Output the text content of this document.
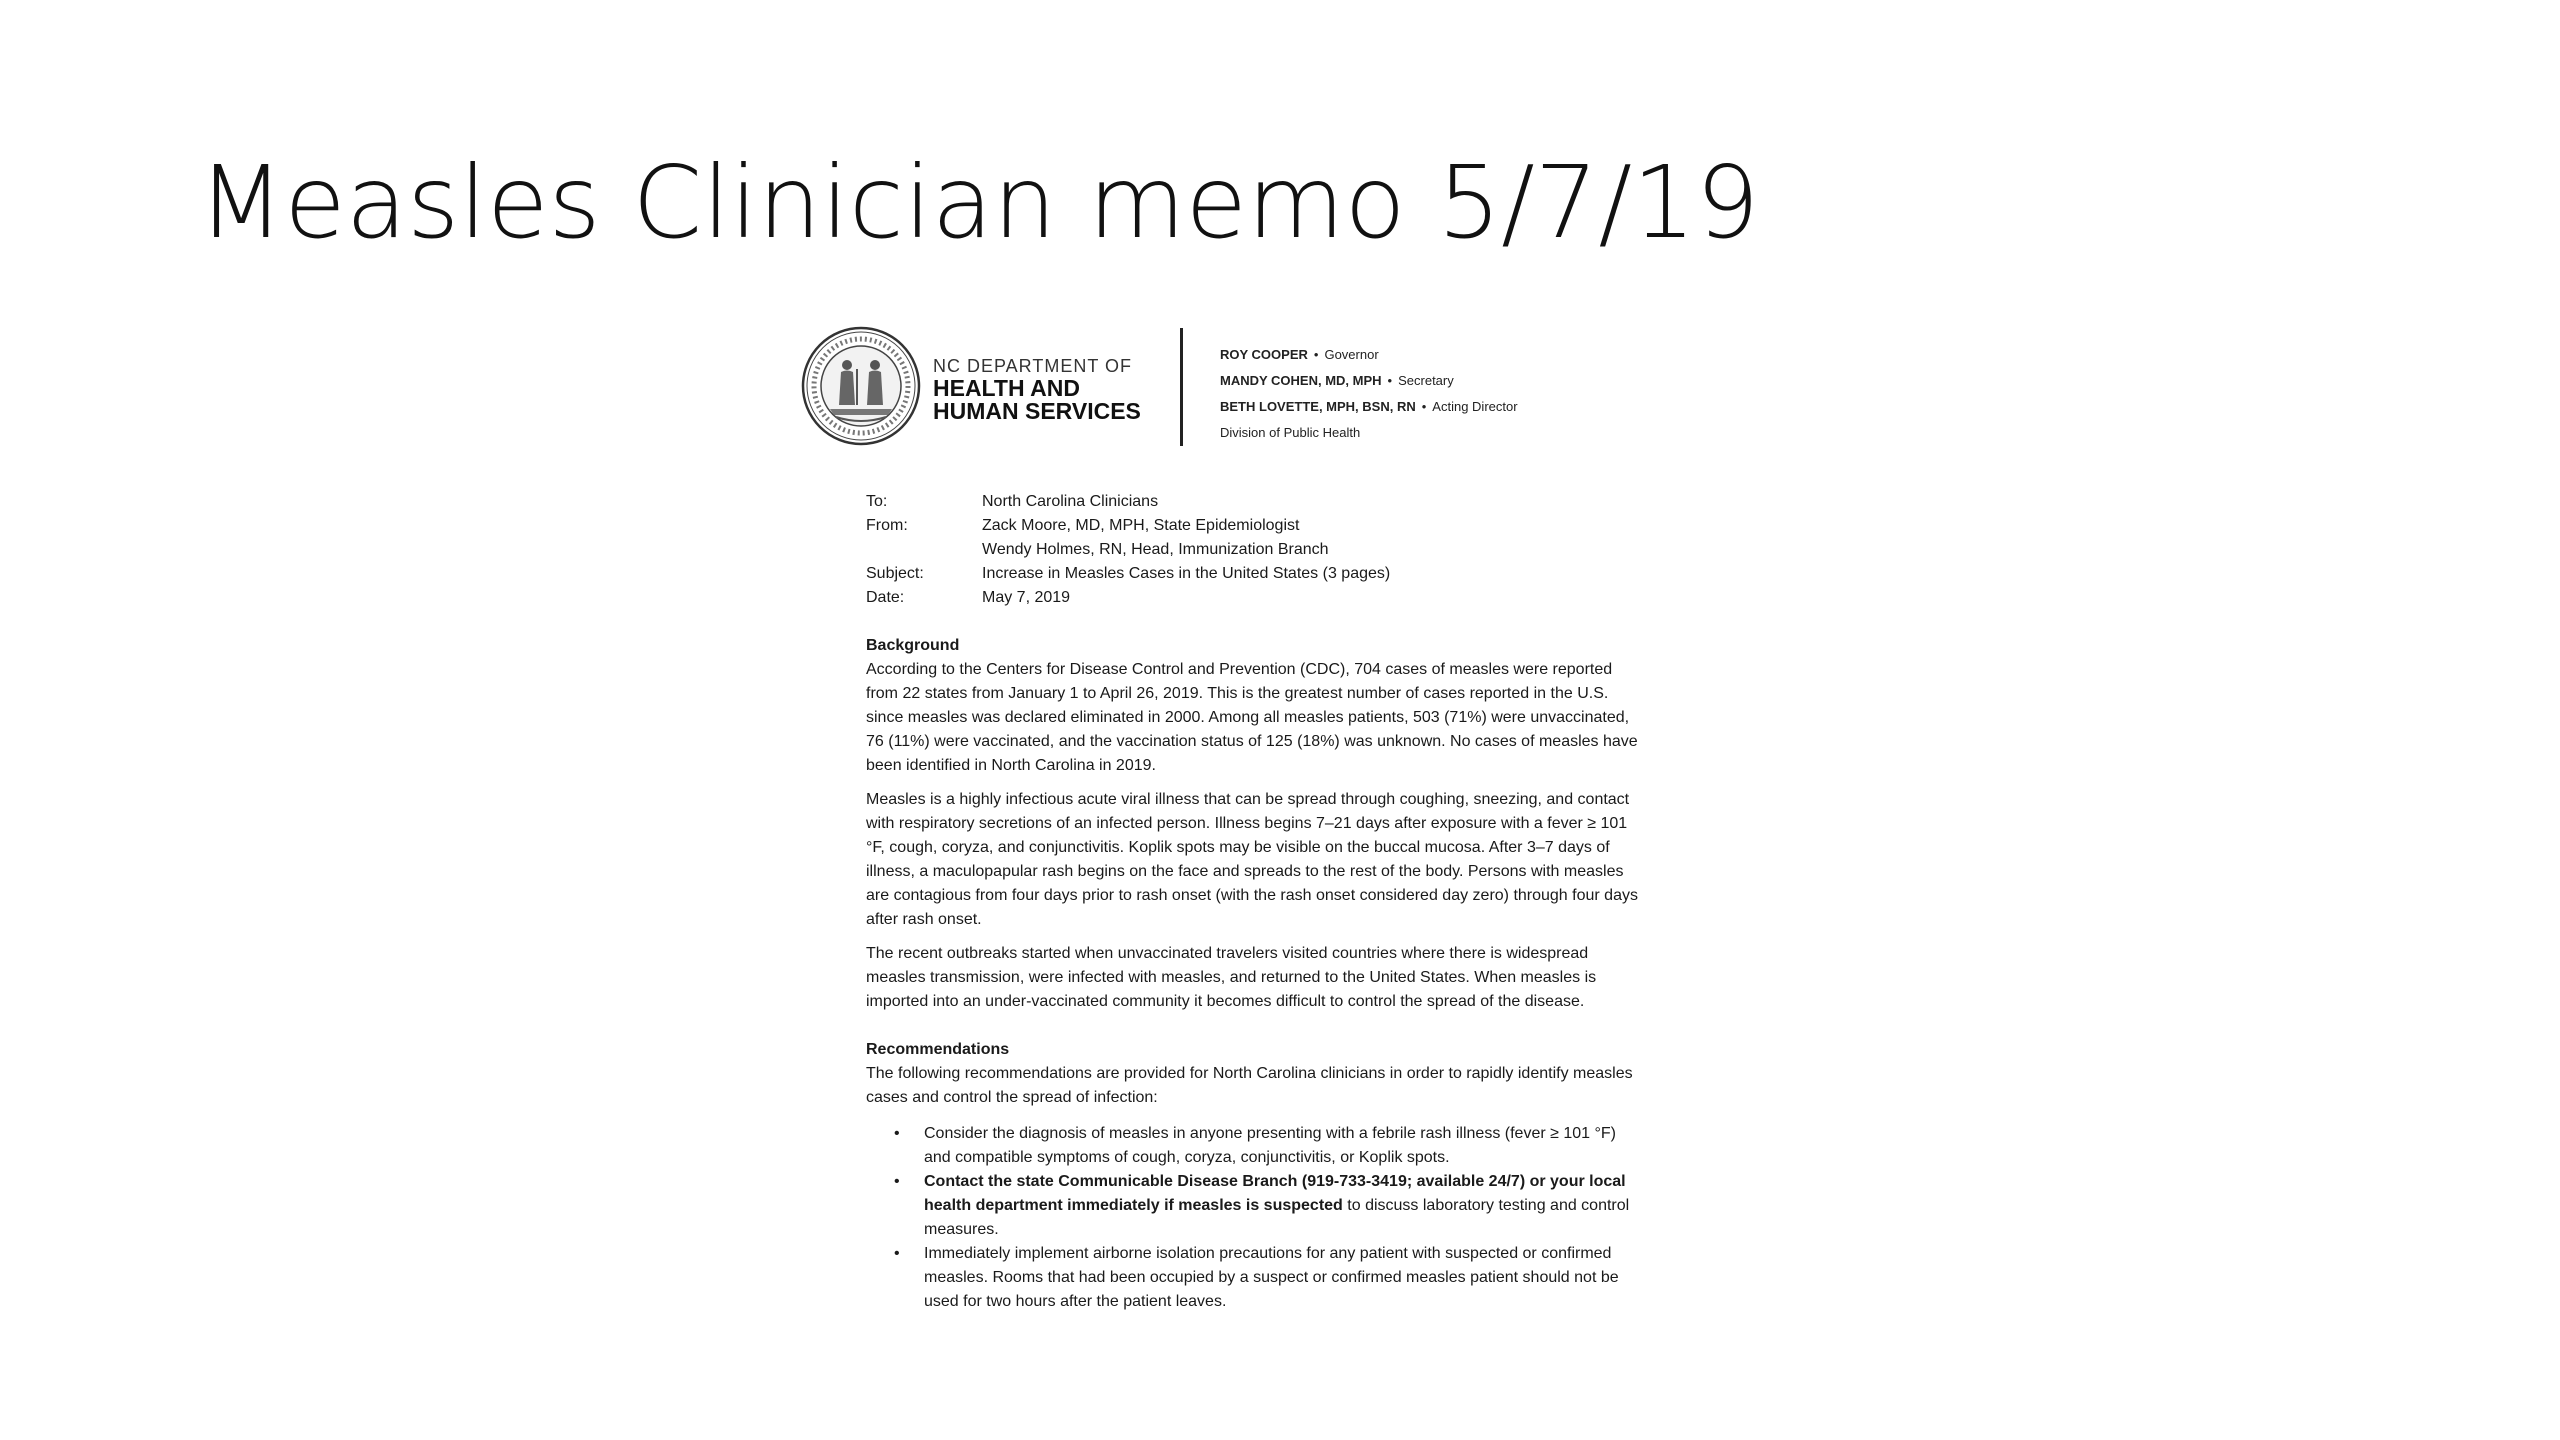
Measles Clinician memo 5/7/19
NC DEPARTMENT OF
HEALTH AND
HUMAN SERVICES
ROY COOPER • Governor
MANDY COHEN, MD, MPH • Secretary
BETH LOVETTE, MPH, BSN, RN • Acting Director
Division of Public Health
To:	North Carolina Clinicians
From:	Zack Moore, MD, MPH, State Epidemiologist
Wendy Holmes, RN, Head, Immunization Branch
Subject:	Increase in Measles Cases in the United States (3 pages)
Date:	May 7, 2019

Background

According to the Centers for Disease Control and Prevention (CDC), 704 cases of measles were reported from 22 states from January 1 to April 26, 2019. This is the greatest number of cases reported in the U.S. since measles was declared eliminated in 2000. Among all measles patients, 503 (71%) were unvaccinated, 76 (11%) were vaccinated, and the vaccination status of 125 (18%) was unknown. No cases of measles have been identified in North Carolina in 2019.

Measles is a highly infectious acute viral illness that can be spread through coughing, sneezing, and contact with respiratory secretions of an infected person. Illness begins 7–21 days after exposure with a fever ≥ 101 °F, cough, coryza, and conjunctivitis. Koplik spots may be visible on the buccal mucosa. After 3–7 days of illness, a maculopapular rash begins on the face and spreads to the rest of the body. Persons with measles are contagious from four days prior to rash onset (with the rash onset considered day zero) through four days after rash onset.

The recent outbreaks started when unvaccinated travelers visited countries where there is widespread measles transmission, were infected with measles, and returned to the United States. When measles is imported into an under-vaccinated community it becomes difficult to control the spread of the disease.

Recommendations

The following recommendations are provided for North Carolina clinicians in order to rapidly identify measles cases and control the spread of infection:

• Consider the diagnosis of measles in anyone presenting with a febrile rash illness (fever ≥ 101 °F) and compatible symptoms of cough, coryza, conjunctivitis, or Koplik spots.
• Contact the state Communicable Disease Branch (919-733-3419; available 24/7) or your local health department immediately if measles is suspected to discuss laboratory testing and control measures.
• Immediately implement airborne isolation precautions for any patient with suspected or confirmed measles. Rooms that had been occupied by a suspect or confirmed measles patient should not be used for two hours after the patient leaves.
